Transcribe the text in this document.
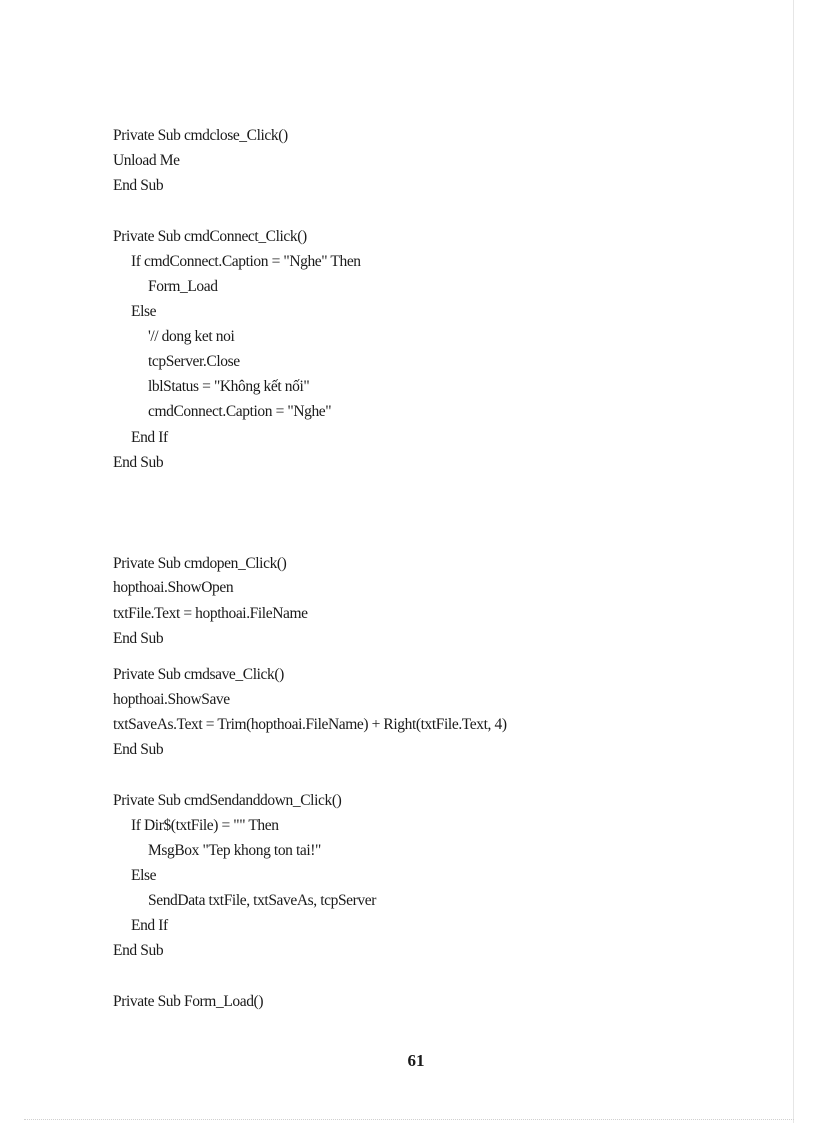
Private Sub cmdclose_Click()
Unload Me
End Sub
Private Sub cmdConnect_Click()
If cmdConnect.Caption = "Nghe" Then
Form_Load
Else
'// dong ket noi
tcpServer.Close
lblStatus = "Không kết nối"
cmdConnect.Caption = "Nghe"
End If
End Sub
Private Sub cmdopen_Click()
hopthoai.ShowOpen
txtFile.Text = hopthoai.FileName
End Sub
Private Sub cmdsave_Click()
hopthoai.ShowSave
txtSaveAs.Text = Trim(hopthoai.FileName) + Right(txtFile.Text, 4)
End Sub
Private Sub cmdSendanddown_Click()
If Dir$(txtFile) = "" Then
MsgBox "Tep khong ton tai!"
Else
SendData txtFile, txtSaveAs, tcpServer
End If
End Sub
Private Sub Form_Load()
61
